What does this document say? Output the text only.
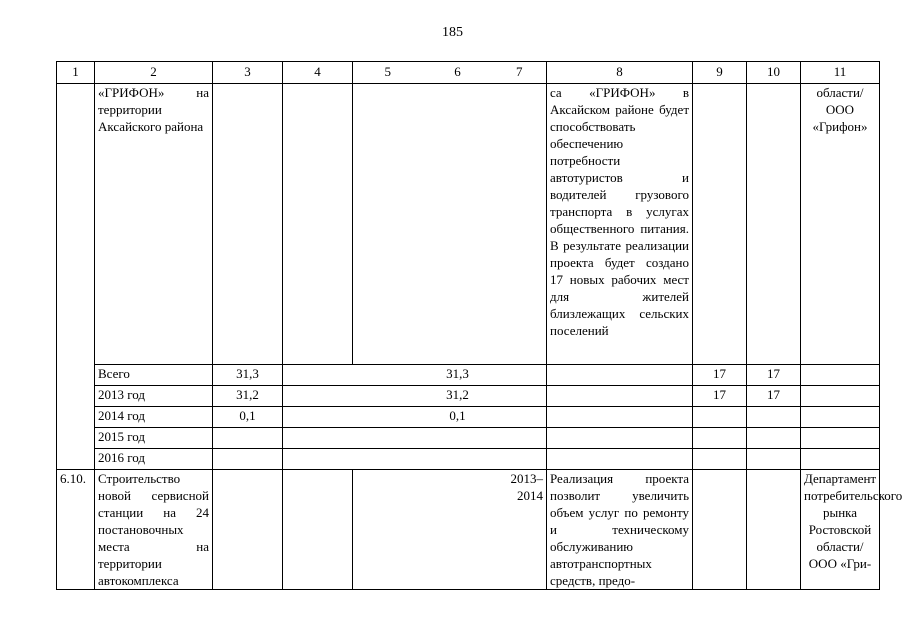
185
1	2	3	4	5	6	7	8	9	10	11
	«ГРИФОН» на территории Аксайского района						са «ГРИФОН» в Аксайском районе будет способствовать обеспечению потребности автотуристов и водителей грузового транспорта в услугах общественного питания. В результате реализации проекта будет создано 17 новых рабочих мест для жителей близлежащих сельских поселений			области/ ООО «Грифон»
	Всего	31,3			31,3			17	17	
	2013 год	31,2			31,2			17	17	
	2014 год	0,1			0,1					
	2015 год									
	2016 год									
6.10.	Строительство новой сервисной станции на 24 постановочных места на территории автокомплекса					2013–2014	Реализация проекта позволит увеличить объем услуг по ремонту и техническому обслуживанию автотранспортных средств, предо-			Департамент потребительского рынка Ростовской области/ ООО «Гри-
